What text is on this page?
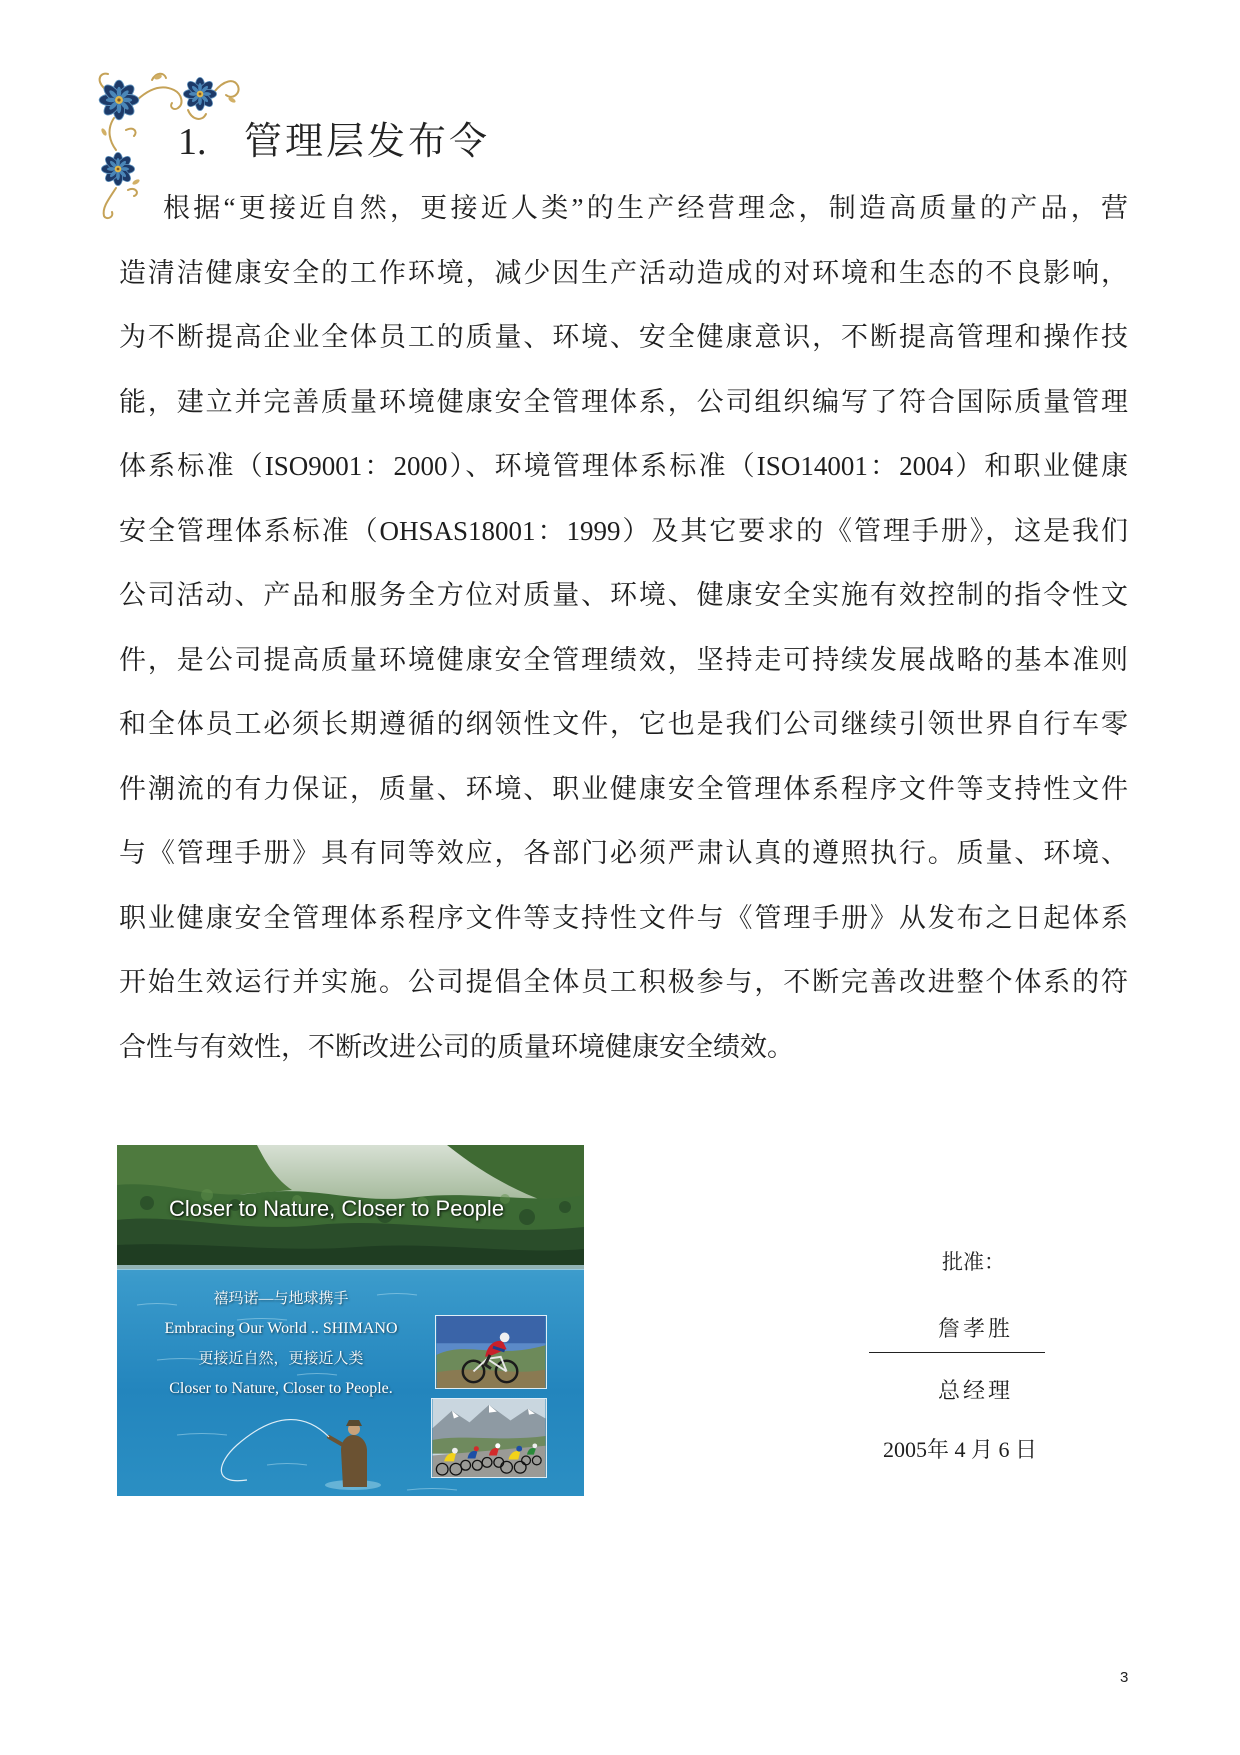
1. 管理层发布令
根据“更接近自然，更接近人类”的生产经营理念，制造高质量的产品，营
造清洁健康安全的工作环境，减少因生产活动造成的对环境和生态的不良影响，
为不断提高企业全体员工的质量、环境、安全健康意识，不断提高管理和操作技
能，建立并完善质量环境健康安全管理体系，公司组织编写了符合国际质量管理
体系标准（ISO9001：2000）、环境管理体系标准（ISO14001：2004）和职业健康
安全管理体系标准（OHSAS18001：1999）及其它要求的《管理手册》，这是我们
公司活动、产品和服务全方位对质量、环境、健康安全实施有效控制的指令性文
件，是公司提高质量环境健康安全管理绩效，坚持走可持续发展战略的基本准则
和全体员工必须长期遵循的纲领性文件，它也是我们公司继续引领世界自行车零
件潮流的有力保证，质量、环境、职业健康安全管理体系程序文件等支持性文件
与《管理手册》具有同等效应，各部门必须严肃认真的遵照执行。质量、环境、
职业健康安全管理体系程序文件等支持性文件与《管理手册》从发布之日起体系
开始生效运行并实施。公司提倡全体员工积极参与，不断完善改进整个体系的符
合性与有效性，不断改进公司的质量环境健康安全绩效。
Closer to Nature, Closer to People
禧玛诺—与地球携手
Embracing Our World .. SHIMANO
更接近自然，更接近人类
Closer to Nature, Closer to People.
批准：
詹孝胜
总经理
2005年 4 月 6 日
3
